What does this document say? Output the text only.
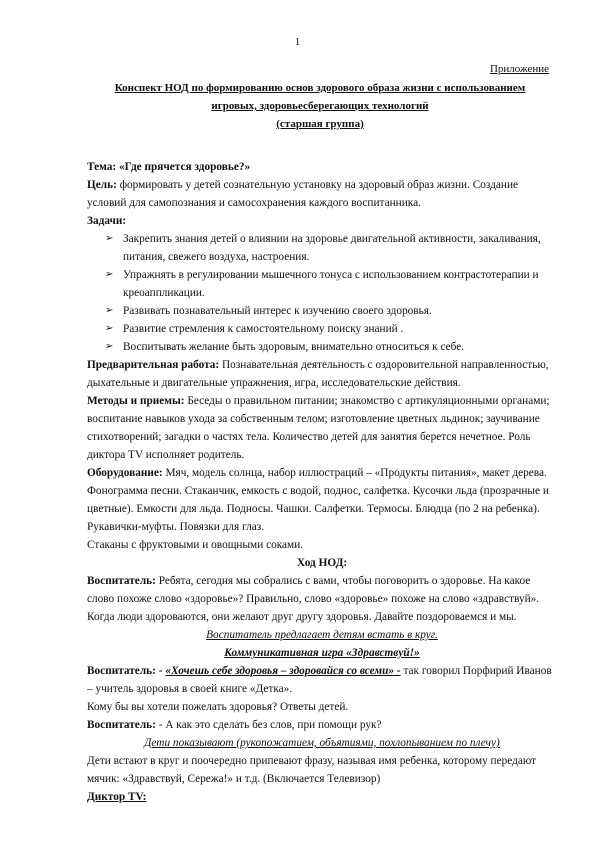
1
Приложение
Конспект НОД по формированию основ здорового образа жизни с использованием
игровых, здоровьесберегающих технологий
(старшая группа)

Тема: «Где прячется здоровье?»

Цель: формировать у детей сознательную установку на здоровый образ жизни. Создание условий для самопознания и самосохранения каждого воспитанника.

Задачи:

➢ Закрепить знания детей о влиянии на здоровье двигательной активности, закаливания, питания, свежего воздуха, настроения.
➢ Упражнять в регулировании мышечного тонуса с использованием контрастотерапии и креоаппликации.
➢ Развивать познавательный интерес к изучению своего здоровья.
➢ Развитие стремления к самостоятельному поиску знаний .
➢ Воспитывать желание быть здоровым, внимательно относиться к себе.

Предварительная работа: Познавательная деятельность с оздоровительной направленностью, дыхательные и двигательные упражнения, игра, исследовательские действия.

Методы и приемы: Беседы о правильном питании; знакомство с артикуляционными органами; воспитание навыков ухода за собственным телом; изготовление цветных льдинок; заучивание стихотворений; загадки о частях тела. Количество детей для занятия берется нечетное. Роль диктора TV исполняет родитель.

Оборудование: Мяч, модель солнца, набор иллюстраций – «Продукты питания», макет дерева. Фонограмма песни. Стаканчик, емкость с водой, поднос, салфетка. Кусочки льда (прозрачные и цветные). Емкости для льда. Подносы. Чашки. Салфетки. Термосы. Блюдца (по 2 на ребенка). Рукавички-муфты. Повязки для глаз.

Стаканы с фруктовыми и овощными соками.

Ход НОД:

Воспитатель: Ребята, сегодня мы собрались с вами, чтобы поговорить о здоровье. На какое слово похоже слово «здоровье»? Правильно, слово «здоровье» похоже на слово «здравствуй». Когда люди здороваются, они желают друг другу здоровья. Давайте поздороваемся и мы.

Воспитатель предлагает детям встать в круг.

Коммуникативная игра «Здравствуй!»

Воспитатель: - «Хочешь себе здоровья – здоровайся со всеми» - так говорил Порфирий Иванов – учитель здоровья в своей книге «Детка».

Кому бы вы хотели пожелать здоровья? Ответы детей.

Воспитатель: - А как это сделать без слов, при помощи рук?

Дети показывают (рукопожатием, объятиями, похлопыванием по плечу)

Дети встают в круг и поочередно припевают фразу, называя имя ребенка, которому передают мячик: «Здравствуй, Сережа!» и т.д. (Включается Телевизор)

Диктор TV:
